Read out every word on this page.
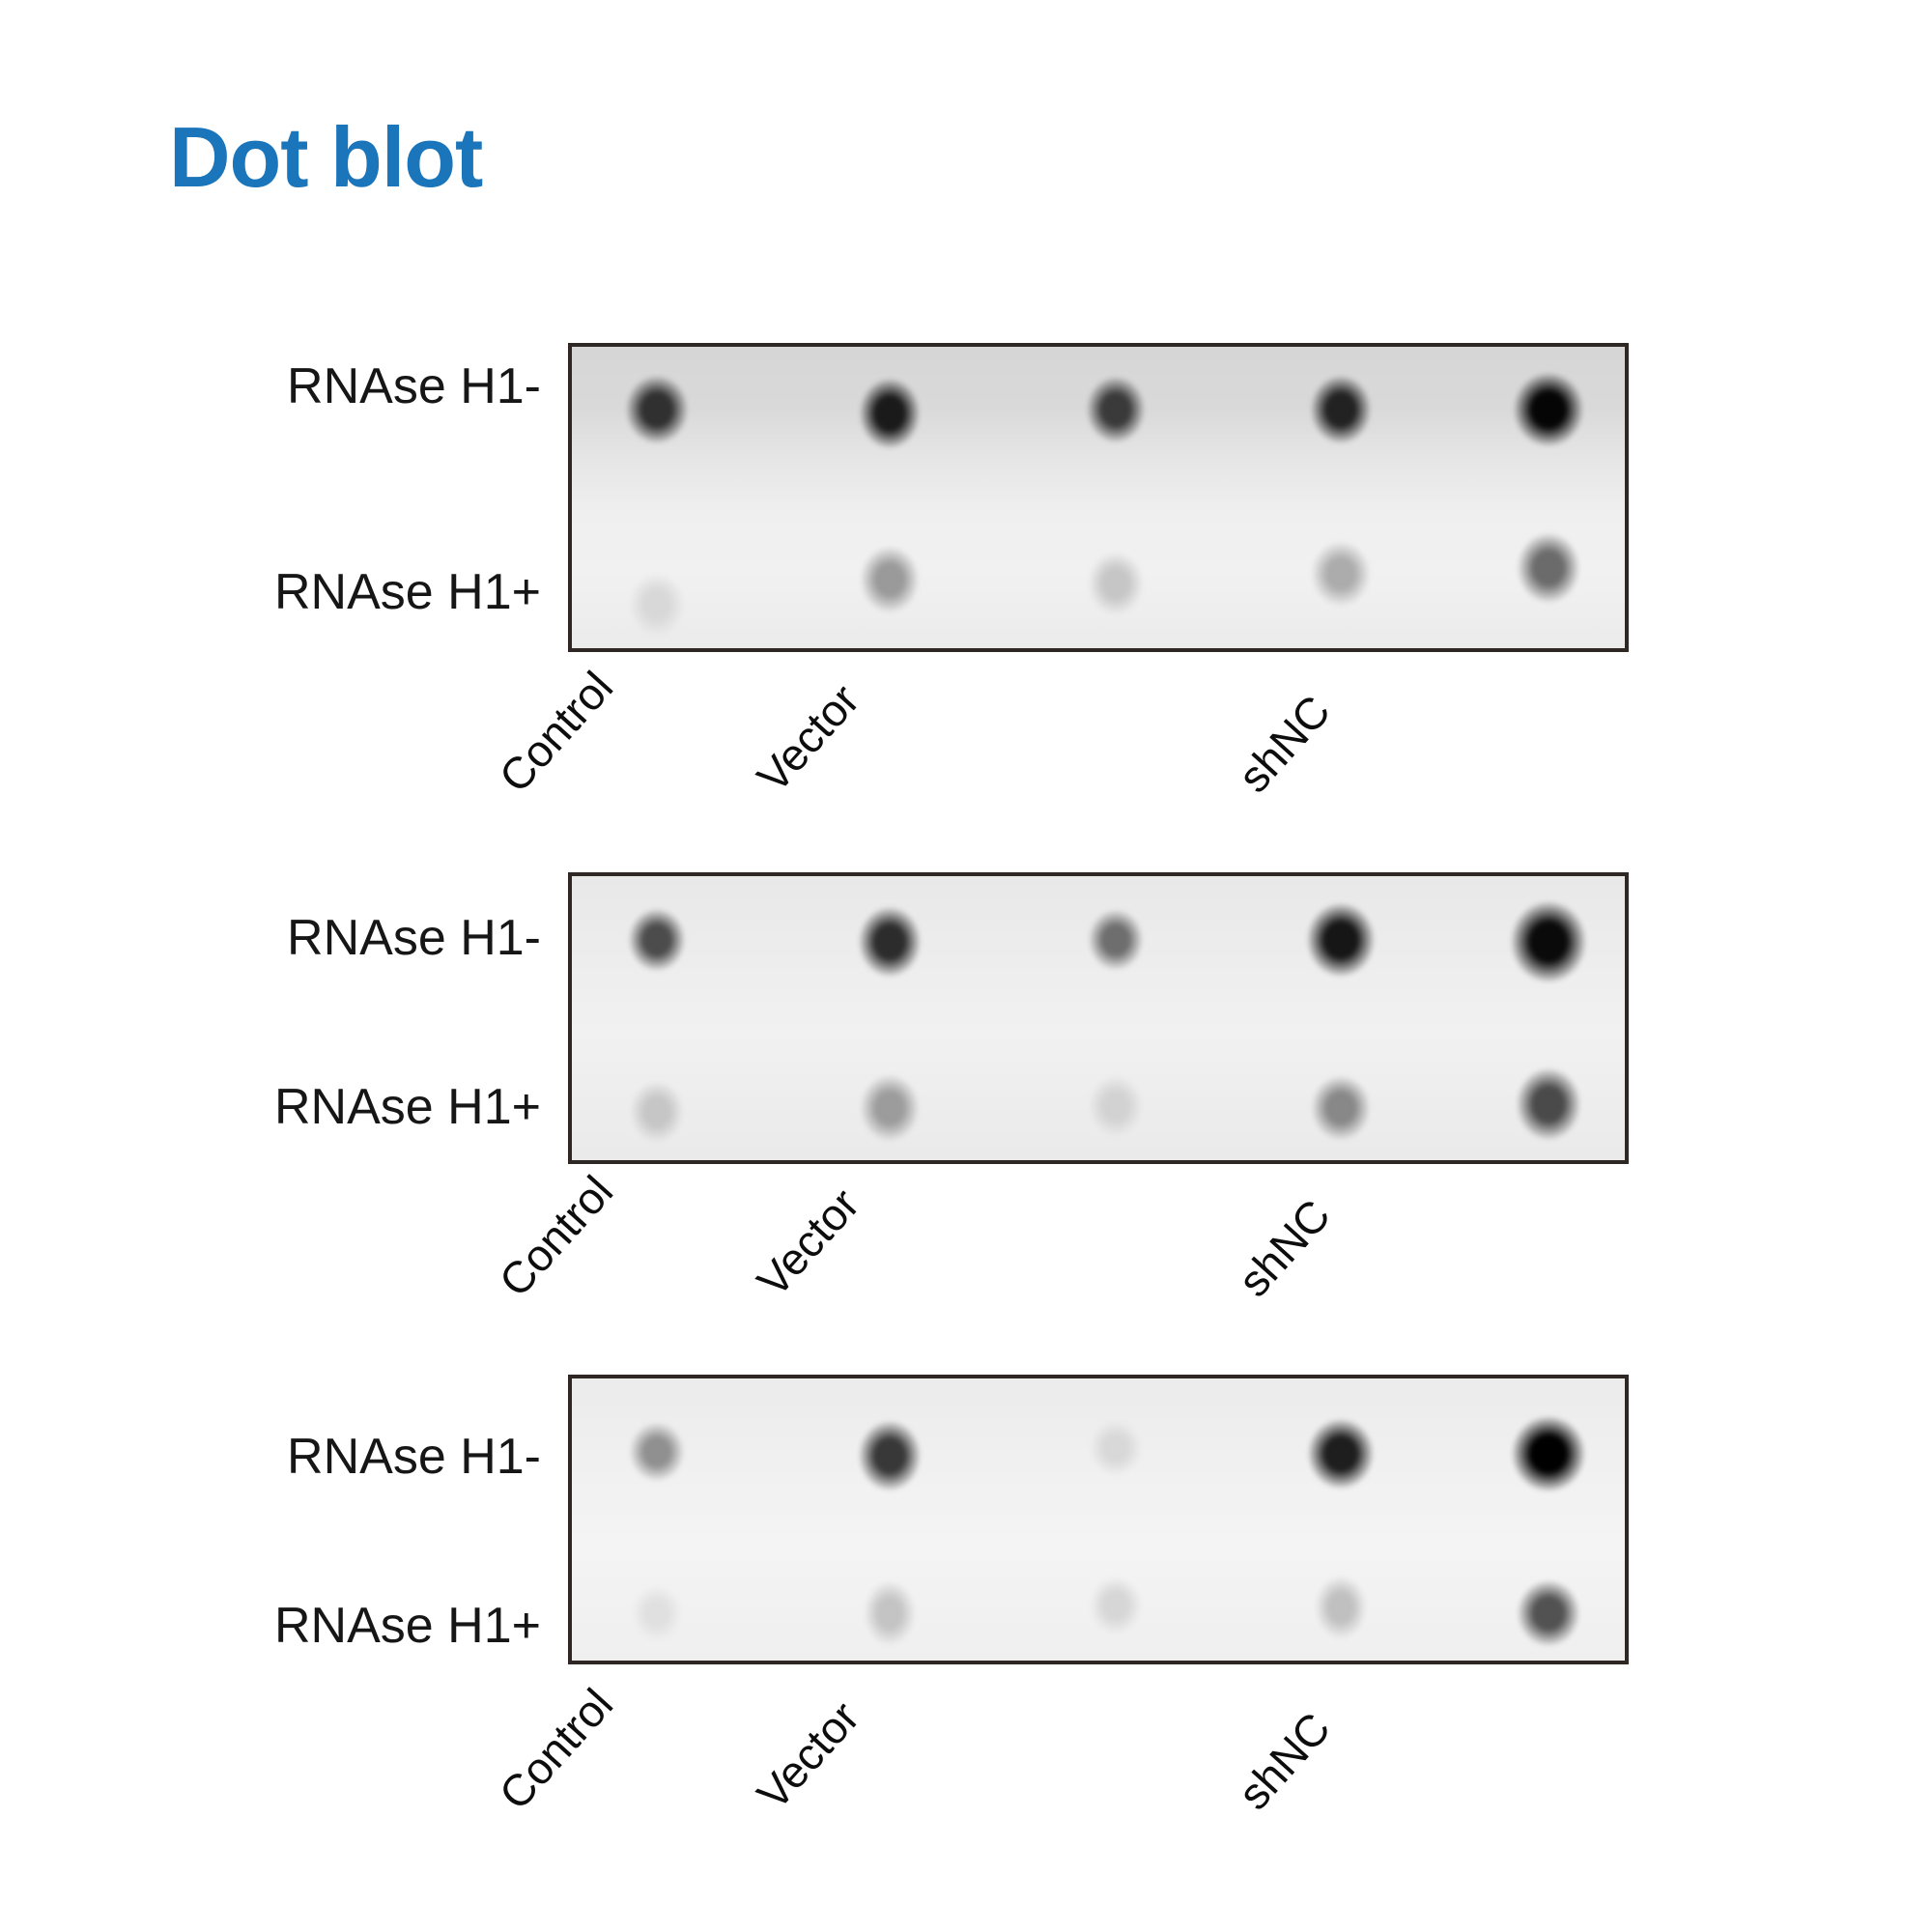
Dot blot
RNAse H1-
RNAse H1+
Control	Vector	shNC
RNAse H1-
RNAse H1+
Control	Vector	shNC
RNAse H1-
RNAse H1+
Control	Vector	shNC
